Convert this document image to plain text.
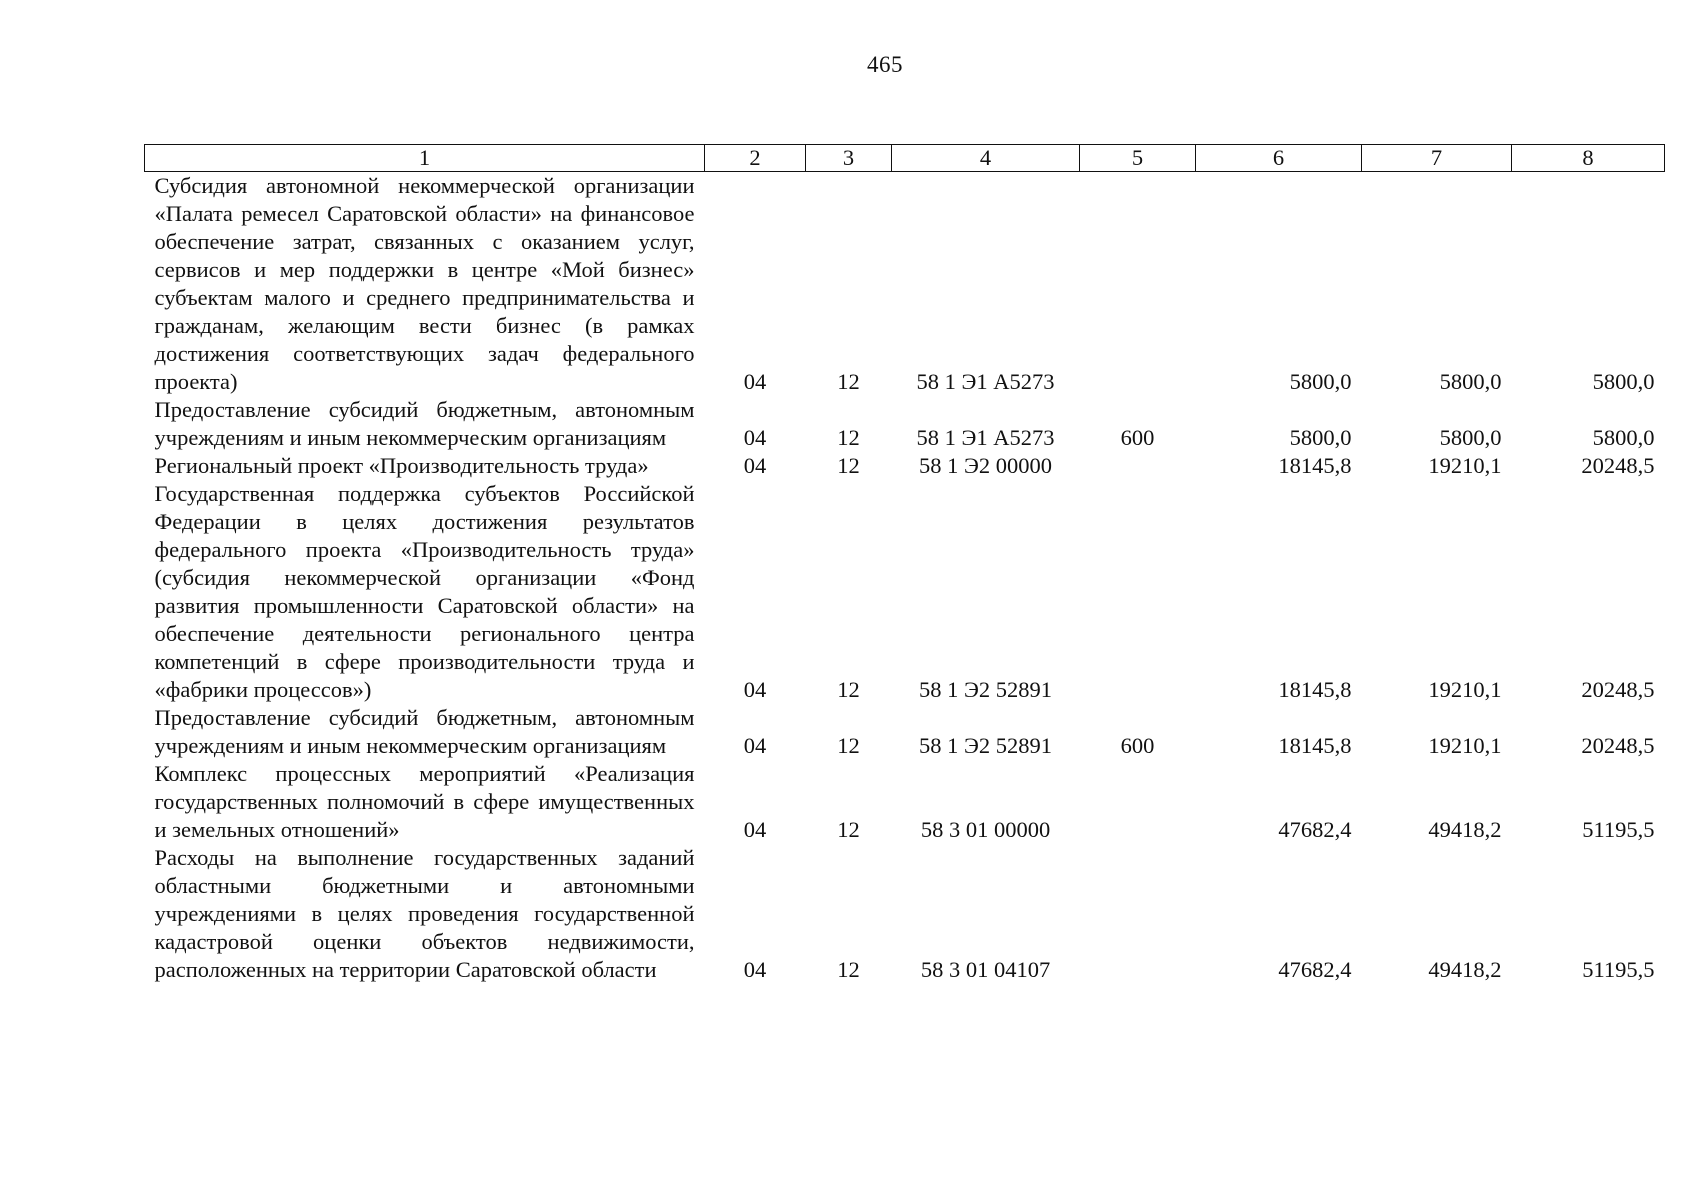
465
1	2	3	4	5	6	7	8
Субсидия автономной некоммерческой организации «Палата ремесел Саратовской области» на финансовое обеспечение затрат, связанных с оказанием услуг, сервисов и мер поддержки в центре «Мой бизнес» субъектам малого и среднего предпринимательства и гражданам, желающим вести бизнес (в рамках достижения соответствующих задач федерального проекта)	04	12	58 1 Э1 А5273		5800,0	5800,0	5800,0
Предоставление субсидий бюджетным, автономным учреждениям и иным некоммерческим организациям	04	12	58 1 Э1 А5273	600	5800,0	5800,0	5800,0
Региональный проект «Производительность труда»	04	12	58 1 Э2 00000		18145,8	19210,1	20248,5
Государственная поддержка субъектов Российской Федерации в целях достижения результатов федерального проекта «Производительность труда» (субсидия некоммерческой организации «Фонд развития промышленности Саратовской области» на обеспечение деятельности регионального центра компетенций в сфере производительности труда и «фабрики процессов»)	04	12	58 1 Э2 52891		18145,8	19210,1	20248,5
Предоставление субсидий бюджетным, автономным учреждениям и иным некоммерческим организациям	04	12	58 1 Э2 52891	600	18145,8	19210,1	20248,5
Комплекс процессных мероприятий «Реализация государственных полномочий в сфере имущественных и земельных отношений»	04	12	58 3 01 00000		47682,4	49418,2	51195,5
Расходы на выполнение государственных заданий областными бюджетными и автономными учреждениями в целях проведения государственной кадастровой оценки объектов недвижимости, расположенных на территории Саратовской области	04	12	58 3 01 04107		47682,4	49418,2	51195,5
